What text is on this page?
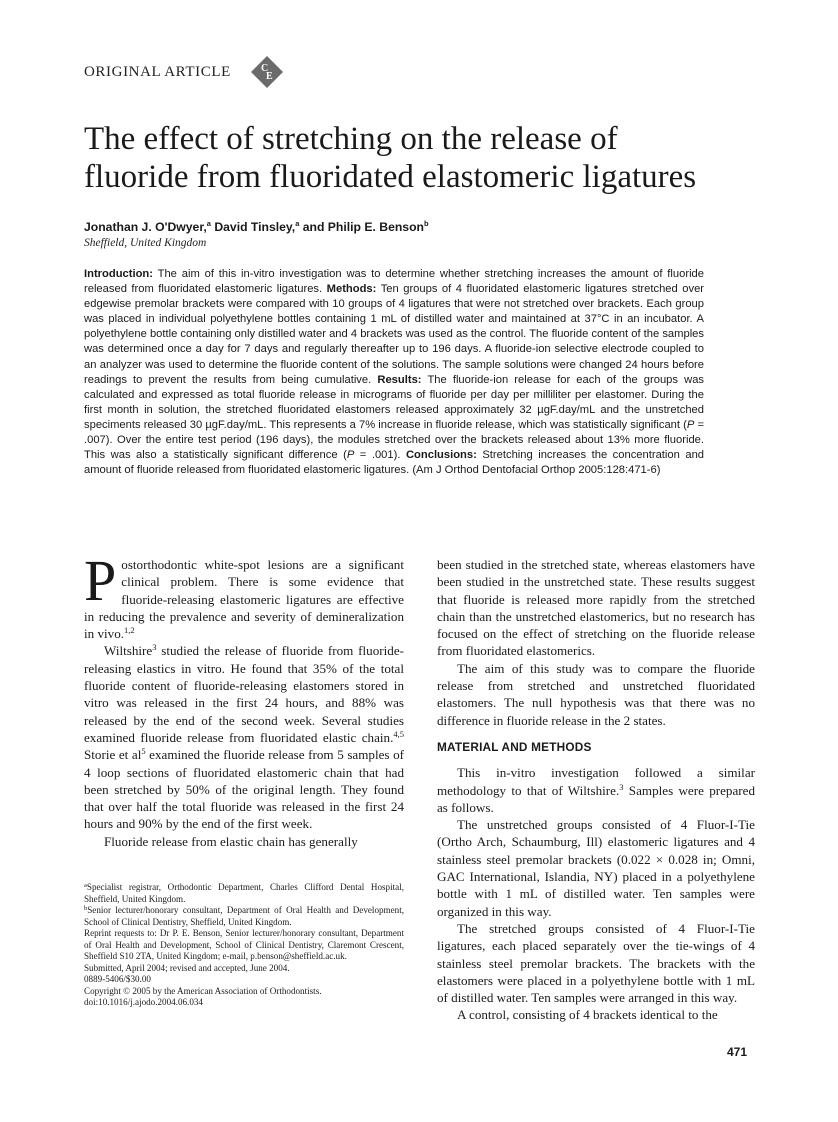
ORIGINAL ARTICLE	C
E
The effect of stretching on the release of
fluoride from fluoridated elastomeric ligatures
Jonathan J. O'Dwyer,$^a$ David Tinsley,$^a$ and Philip E. Benson$^b$
Sheffield, United Kingdom

Introduction: The aim of this in-vitro investigation was to determine whether stretching increases the amount of fluoride released from fluoridated elastomeric ligatures. Methods: Ten groups of 4 fluoridated elastomeric ligatures stretched over edgewise premolar brackets were compared with 10 groups of 4 ligatures that were not stretched over brackets. Each group was placed in individual polyethylene bottles containing 1 mL of distilled water and maintained at 37°C in an incubator. A polyethylene bottle containing only distilled water and 4 brackets was used as the control. The fluoride content of the samples was determined once a day for 7 days and regularly thereafter up to 196 days. A fluoride-ion selective electrode coupled to an analyzer was used to determine the fluoride content of the solutions. The sample solutions were changed 24 hours before readings to prevent the results from being cumulative. Results: The fluoride-ion release for each of the groups was calculated and expressed as total fluoride release in micrograms of fluoride per day per milliliter per elastomer. During the first month in solution, the stretched fluoridated elastomers released approximately 32 µgF.day/mL and the unstretched speciments released 30 µgF.day/mL. This represents a 7% increase in fluoride release, which was statistically significant (P = .007). Over the entire test period (196 days), the modules stretched over the brackets released about 13% more fluoride. This was also a statistically significant difference (P = .001). Conclusions: Stretching increases the concentration and amount of fluoride released from fluoridated elastomeric ligatures. (Am J Orthod Dentofacial Orthop 2005:128:471-6)

Postorthodontic white-spot lesions are a significant clinical problem. There is some evidence that fluoride-releasing elastomeric ligatures are effective in reducing the prevalence and severity of demineralization in vivo.$^{1,2}$

Wiltshire$^3$ studied the release of fluoride from fluoride-releasing elastics in vitro. He found that 35% of the total fluoride content of fluoride-releasing elastomers stored in vitro was released in the first 24 hours, and 88% was released by the end of the second week. Several studies examined fluoride release from fluoridated elastic chain.$^{4,5}$ Storie et $al^5$ examined the fluoride release from 5 samples of 4 loop sections of fluoridated elastomeric chain that had been stretched by 50% of the original length. They found that over half the total fluoride was released in the first 24 hours and 90% by the end of the first week.

Fluoride release from elastic chain has generally

$^a$Specialist registrar, Orthodontic Department, Charles Clifford Dental Hospital, Sheffield, United Kingdom.
$^b$Senior lecturer/honorary consultant, Department of Oral Health and Development, School of Clinical Dentistry, Sheffield, United Kingdom.
Reprint requests to: Dr P. E. Benson, Senior lecturer/honorary consultant, Department of Oral Health and Development, School of Clinical Dentistry, Claremont Crescent, Sheffield S10 2TA, United Kingdom; e-mail, p.benson@sheffield.ac.uk.
Submitted, April 2004; revised and accepted, June 2004.
0889-5406/$30.00
Copyright © 2005 by the American Association of Orthodontists.
doi:10.1016/j.ajodo.2004.06.034

been studied in the stretched state, whereas elastomers have been studied in the unstretched state. These results suggest that fluoride is released more rapidly from the stretched chain than the unstretched elastomerics, but no research has focused on the effect of stretching on the fluoride release from fluoridated elastomerics.

The aim of this study was to compare the fluoride release from stretched and unstretched fluoridated elastomers. The null hypothesis was that there was no difference in fluoride release in the 2 states.

MATERIAL AND METHODS

This in-vitro investigation followed a similar methodology to that of Wiltshire.$^3$ Samples were prepared as follows.

The unstretched groups consisted of 4 Fluor-I-Tie (Ortho Arch, Schaumburg, Ill) elastomeric ligatures and 4 stainless steel premolar brackets (0.022 × 0.028 in; Omni, GAC International, Islandia, NY) placed in a polyethylene bottle with 1 mL of distilled water. Ten samples were organized in this way.

The stretched groups consisted of 4 Fluor-I-Tie ligatures, each placed separately over the tie-wings of 4 stainless steel premolar brackets. The brackets with the elastomers were placed in a polyethylene bottle with 1 mL of distilled water. Ten samples were arranged in this way.

A control, consisting of 4 brackets identical to the

471
